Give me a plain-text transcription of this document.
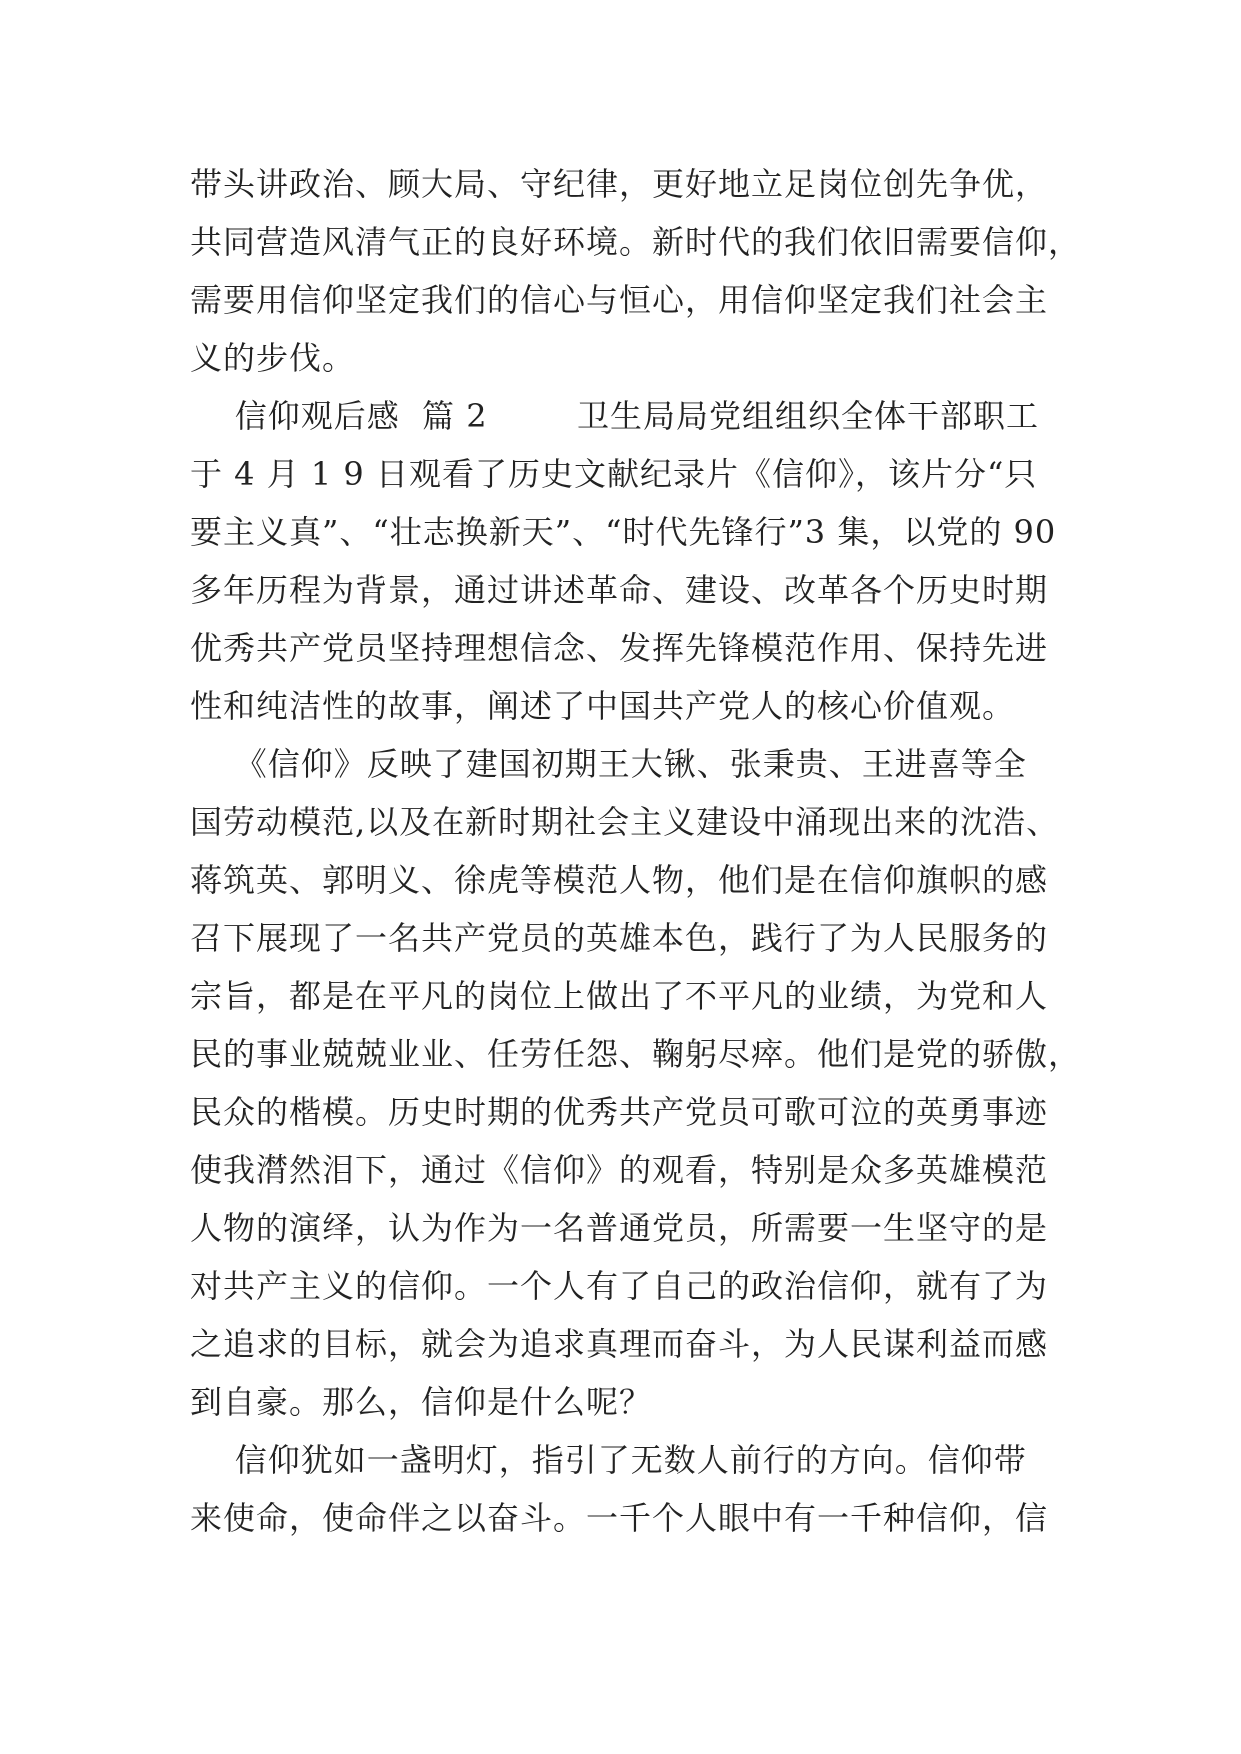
带头讲政治、顾大局、守纪律，更好地立足岗位创先争优，
共同营造风清气正的良好环境。新时代的我们依旧需要信仰，
需要用信仰坚定我们的信心与恒心，用信仰坚定我们社会主
义的步伐。
信仰观后感  篇 2        卫生局局党组组织全体干部职工
于 4 月 1 9 日观看了历史文献纪录片《信仰》，该片分“只
要主义真”、“壮志换新天”、“时代先锋行”3 集，以党的 90
多年历程为背景，通过讲述革命、建设、改革各个历史时期
优秀共产党员坚持理想信念、发挥先锋模范作用、保持先进
性和纯洁性的故事，阐述了中国共产党人的核心价值观。
《信仰》反映了建国初期王大锹、张秉贵、王进喜等全
国劳动模范,以及在新时期社会主义建设中涌现出来的沈浩、
蒋筑英、郭明义、徐虎等模范人物，他们是在信仰旗帜的感
召下展现了一名共产党员的英雄本色，践行了为人民服务的
宗旨，都是在平凡的岗位上做出了不平凡的业绩，为党和人
民的事业兢兢业业、任劳任怨、鞠躬尽瘁。他们是党的骄傲，
民众的楷模。历史时期的优秀共产党员可歌可泣的英勇事迹
使我潸然泪下，通过《信仰》的观看，特别是众多英雄模范
人物的演绎，认为作为一名普通党员，所需要一生坚守的是
对共产主义的信仰。一个人有了自己的政治信仰，就有了为
之追求的目标，就会为追求真理而奋斗，为人民谋利益而感
到自豪。那么，信仰是什么呢？
信仰犹如一盏明灯，指引了无数人前行的方向。信仰带
来使命，使命伴之以奋斗。一千个人眼中有一千种信仰，信
